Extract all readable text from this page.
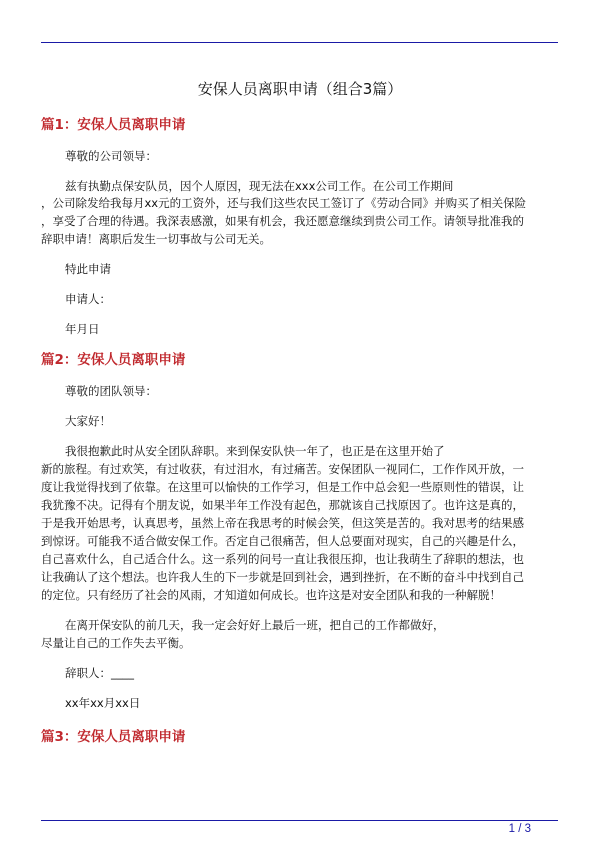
安保人员离职申请（组合3篇）
篇1：安保人员离职申请
尊敬的公司领导：
兹有执勤点保安队员，因个人原因，现无法在xxx公司工作。在公司工作期间
，公司除发给我每月xx元的工资外，还与我们这些农民工签订了《劳动合同》并购买了相关保险
，享受了合理的待遇。我深表感激，如果有机会，我还愿意继续到贵公司工作。请领导批准我的
辞职申请！离职后发生一切事故与公司无关。
特此申请
申请人：
年月日
篇2：安保人员离职申请
尊敬的团队领导：
大家好！
我很抱歉此时从安全团队辞职。来到保安队快一年了，也正是在这里开始了
新的旅程。有过欢笑，有过收获，有过泪水，有过痛苦。安保团队一视同仁，工作作风开放，一
度让我觉得找到了依靠。在这里可以愉快的工作学习，但是工作中总会犯一些原则性的错误，让
我犹豫不决。记得有个朋友说，如果半年工作没有起色，那就该自己找原因了。也许这是真的，
于是我开始思考，认真思考，虽然上帝在我思考的时候会笑，但这笑是苦的。我对思考的结果感
到惊讶。可能我不适合做安保工作。否定自己很痛苦，但人总要面对现实，自己的兴趣是什么，
自己喜欢什么，自己适合什么。这一系列的问号一直让我很压抑，也让我萌生了辞职的想法，也
让我确认了这个想法。也许我人生的下一步就是回到社会，遇到挫折，在不断的奋斗中找到自己
的定位。只有经历了社会的风雨，才知道如何成长。也许这是对安全团队和我的一种解脱！
在离开保安队的前几天，我一定会好好上最后一班，把自己的工作都做好，
尽量让自己的工作失去平衡。
辞职人：____
xx年xx月xx日
篇3：安保人员离职申请
1 / 3
